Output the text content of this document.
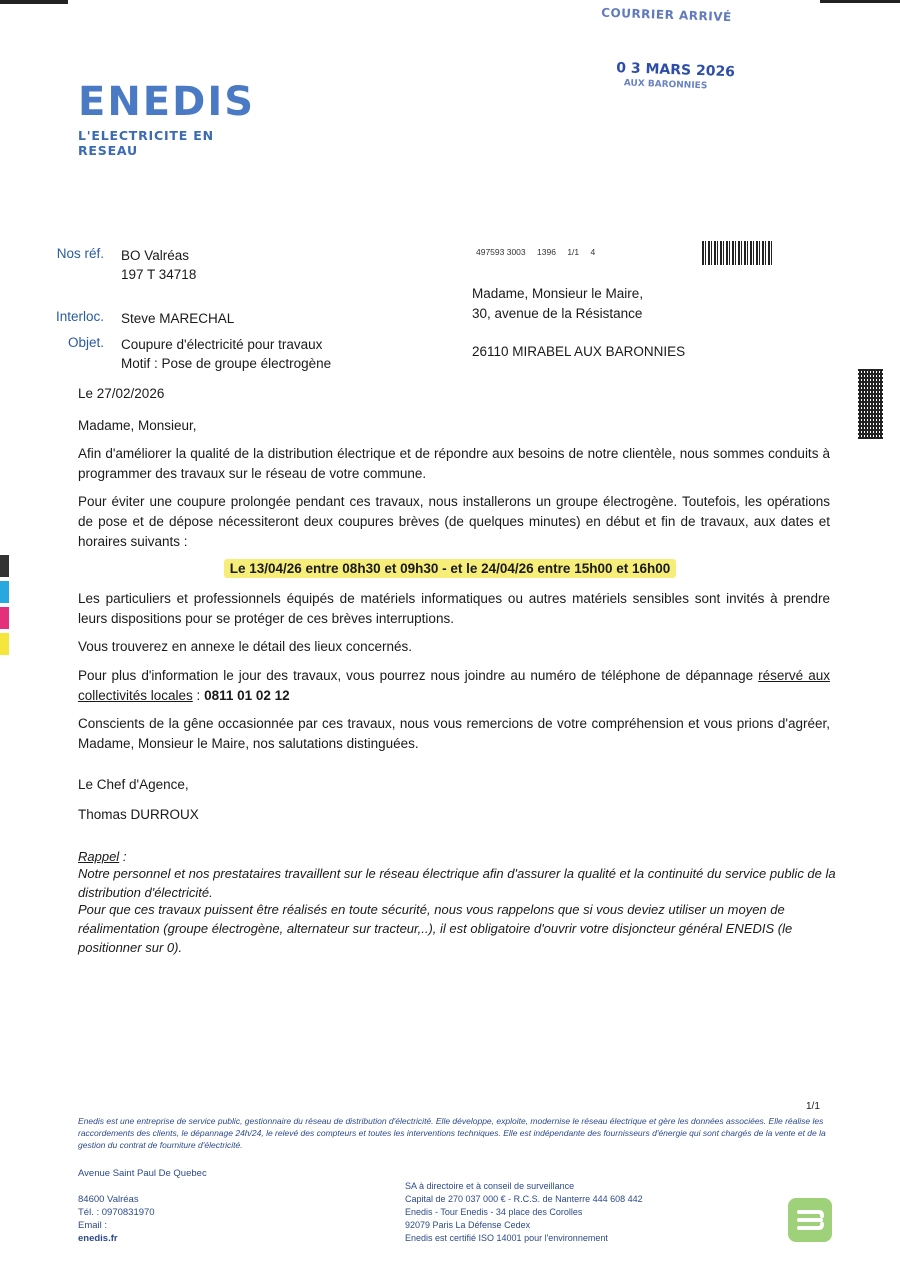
COURRIER ARRIVÉ
0 3 MARS 2026
AUX BARONNIES
ENEDIS
L'ELECTRICITE EN RESEAU
Nos réf. BO Valréas
197 T 34718
Interloc. Steve MARECHAL
Objet. Coupure d'électricité pour travaux
Motif : Pose de groupe électrogène
497593 3003 1396 1/1 4
Madame, Monsieur le Maire,
30, avenue de la Résistance
26110 MIRABEL AUX BARONNIES
Le 27/02/2026
Madame, Monsieur,
Afin d'améliorer la qualité de la distribution électrique et de répondre aux besoins de notre clientèle, nous sommes conduits à programmer des travaux sur le réseau de votre commune.
Pour éviter une coupure prolongée pendant ces travaux, nous installerons un groupe électrogène. Toutefois, les opérations de pose et de dépose nécessiteront deux coupures brèves (de quelques minutes) en début et fin de travaux, aux dates et horaires suivants :
Le 13/04/26 entre 08h30 et 09h30 - et le 24/04/26 entre 15h00 et 16h00
Les particuliers et professionnels équipés de matériels informatiques ou autres matériels sensibles sont invités à prendre leurs dispositions pour se protéger de ces brèves interruptions.
Vous trouverez en annexe le détail des lieux concernés.
Pour plus d'information le jour des travaux, vous pourrez nous joindre au numéro de téléphone de dépannage réservé aux collectivités locales : 0811 01 02 12
Conscients de la gêne occasionnée par ces travaux, nous vous remercions de votre compréhension et vous prions d'agréer, Madame, Monsieur le Maire, nos salutations distinguées.
Le Chef d'Agence,
Thomas DURROUX
Rappel :
Notre personnel et nos prestataires travaillent sur le réseau électrique afin d'assurer la qualité et la continuité du service public de la distribution d'électricité.
Pour que ces travaux puissent être réalisés en toute sécurité, nous vous rappelons que si vous deviez utiliser un moyen de réalimentation (groupe électrogène, alternateur sur tracteur,..), il est obligatoire d'ouvrir votre disjoncteur général ENEDIS (le positionner sur 0).
1/1
Enedis est une entreprise de service public, gestionnaire du réseau de distribution d'électricité. Elle développe, exploite, modernise le réseau électrique et gère les données associées. Elle réalise les raccordements des clients, le dépannage 24h/24, le relevé des compteurs et toutes les interventions techniques. Elle est indépendante des fournisseurs d'énergie qui sont chargés de la vente et de la gestion du contrat de fourniture d'électricité.
Avenue Saint Paul De Quebec
84600 Valréas
Tél. : 0970831970
Email :
enedis.fr
SA à directoire et à conseil de surveillance
Capital de 270 037 000 € - R.C.S. de Nanterre 444 608 442
Enedis - Tour Enedis - 34 place des Corolles
92079 Paris La Défense Cedex
Enedis est certifié ISO 14001 pour l'environnement
